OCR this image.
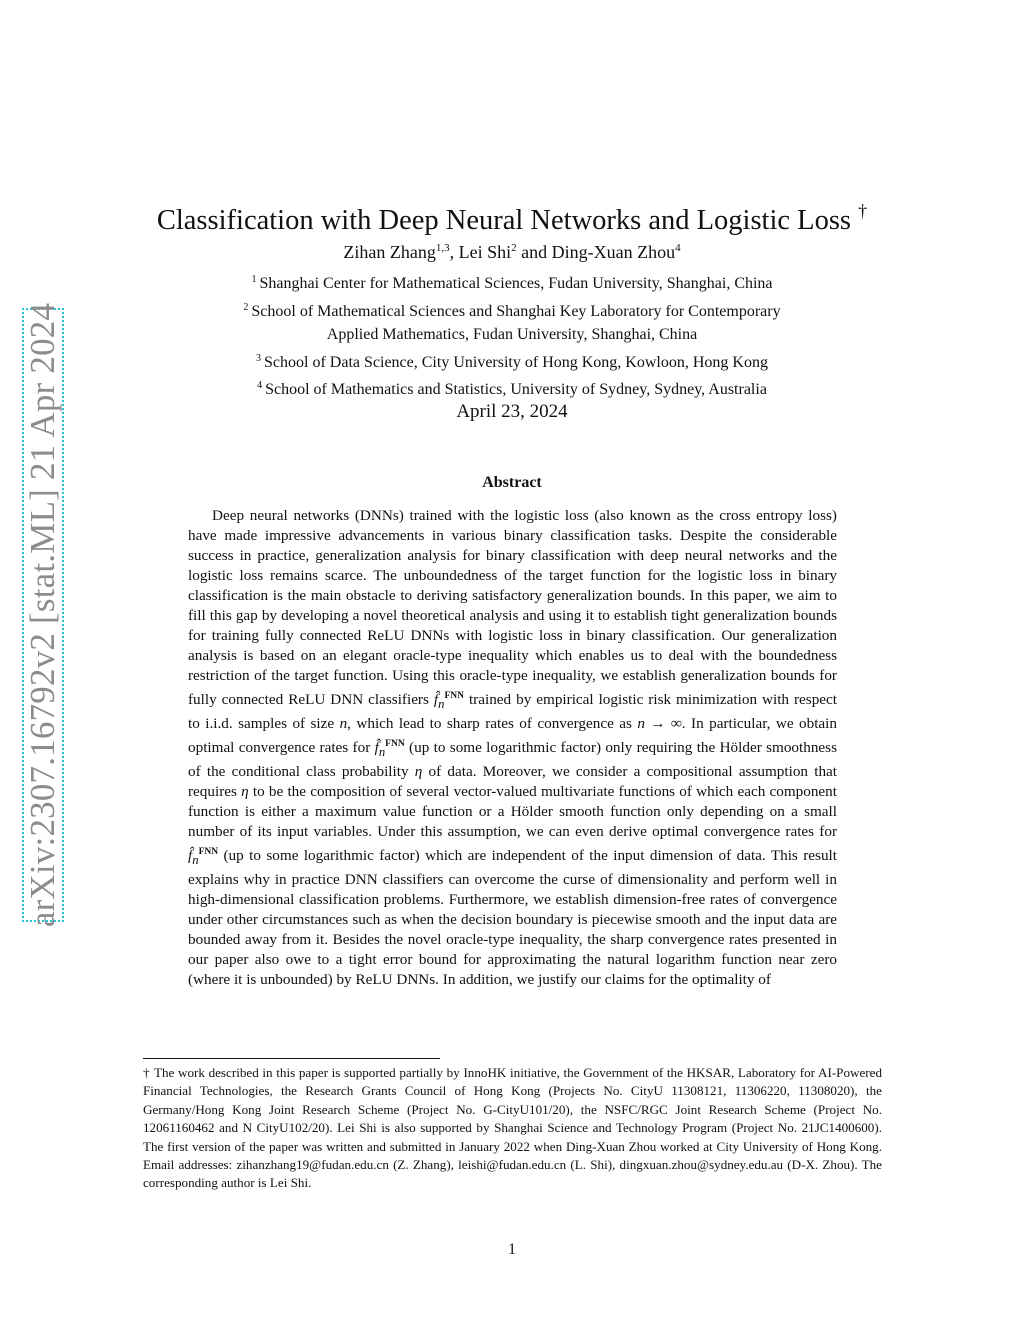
arXiv:2307.16792v2 [stat.ML] 21 Apr 2024
Classification with Deep Neural Networks and Logistic Loss †
Zihan Zhang$^{1,3}$, Lei Shi$^2$ and Ding-Xuan Zhou$^4$
$^1$ Shanghai Center for Mathematical Sciences, Fudan University, Shanghai, China
$^2$ School of Mathematical Sciences and Shanghai Key Laboratory for Contemporary
Applied Mathematics, Fudan University, Shanghai, China
$^3$ School of Data Science, City University of Hong Kong, Kowloon, Hong Kong
$^4$ School of Mathematics and Statistics, University of Sydney, Sydney, Australia
April 23, 2024
Abstract

Deep neural networks (DNNs) trained with the logistic loss (also known as the cross entropy loss) have made impressive advancements in various binary classification tasks. Despite the considerable success in practice, generalization analysis for binary classification with deep neural networks and the logistic loss remains scarce. The unboundedness of the target function for the logistic loss in binary classification is the main obstacle to deriving satisfactory generalization bounds. In this paper, we aim to fill this gap by developing a novel theoretical analysis and using it to establish tight generalization bounds for training fully connected ReLU DNNs with logistic loss in binary classification. Our generalization analysis is based on an elegant oracle-type inequality which enables us to deal with the boundedness restriction of the target function. Using this oracle-type inequality, we establish generalization bounds for fully connected ReLU DNN classifiers $f̂_n^{FNN}$ trained by empirical logistic risk minimization with respect to i.i.d. samples of size n, which lead to sharp rates of convergence as n → ∞. In particular, we obtain optimal convergence rates for $f̂_n^{FNN}$ (up to some logarithmic factor) only requiring the Hölder smoothness of the conditional class probability η of data. Moreover, we consider a compositional assumption that requires η to be the composition of several vector-valued multivariate functions of which each component function is either a maximum value function or a Hölder smooth function only depending on a small number of its input variables. Under this assumption, we can even derive optimal convergence rates for $f̂_n^{FNN}$ (up to some logarithmic factor) which are independent of the input dimension of data. This result explains why in practice DNN classifiers can overcome the curse of dimensionality and perform well in high-dimensional classification problems. Furthermore, we establish dimension-free rates of convergence under other circumstances such as when the decision boundary is piecewise smooth and the input data are bounded away from it. Besides the novel oracle-type inequality, the sharp convergence rates presented in our paper also owe to a tight error bound for approximating the natural logarithm function near zero (where it is unbounded) by ReLU DNNs. In addition, we justify our claims for the optimality of

† The work described in this paper is supported partially by InnoHK initiative, the Government of the HKSAR, Laboratory for AI-Powered Financial Technologies, the Research Grants Council of Hong Kong (Projects No. CityU 11308121, 11306220, 11308020), the Germany/Hong Kong Joint Research Scheme (Project No. G-CityU101/20), the NSFC/RGC Joint Research Scheme (Project No. 12061160462 and N CityU102/20). Lei Shi is also supported by Shanghai Science and Technology Program (Project No. 21JC1400600). The first version of the paper was written and submitted in January 2022 when Ding-Xuan Zhou worked at City University of Hong Kong. Email addresses: zihanzhang19@fudan.edu.cn (Z. Zhang), leishi@fudan.edu.cn (L. Shi), dingxuan.zhou@sydney.edu.au (D-X. Zhou). The corresponding author is Lei Shi.

1
